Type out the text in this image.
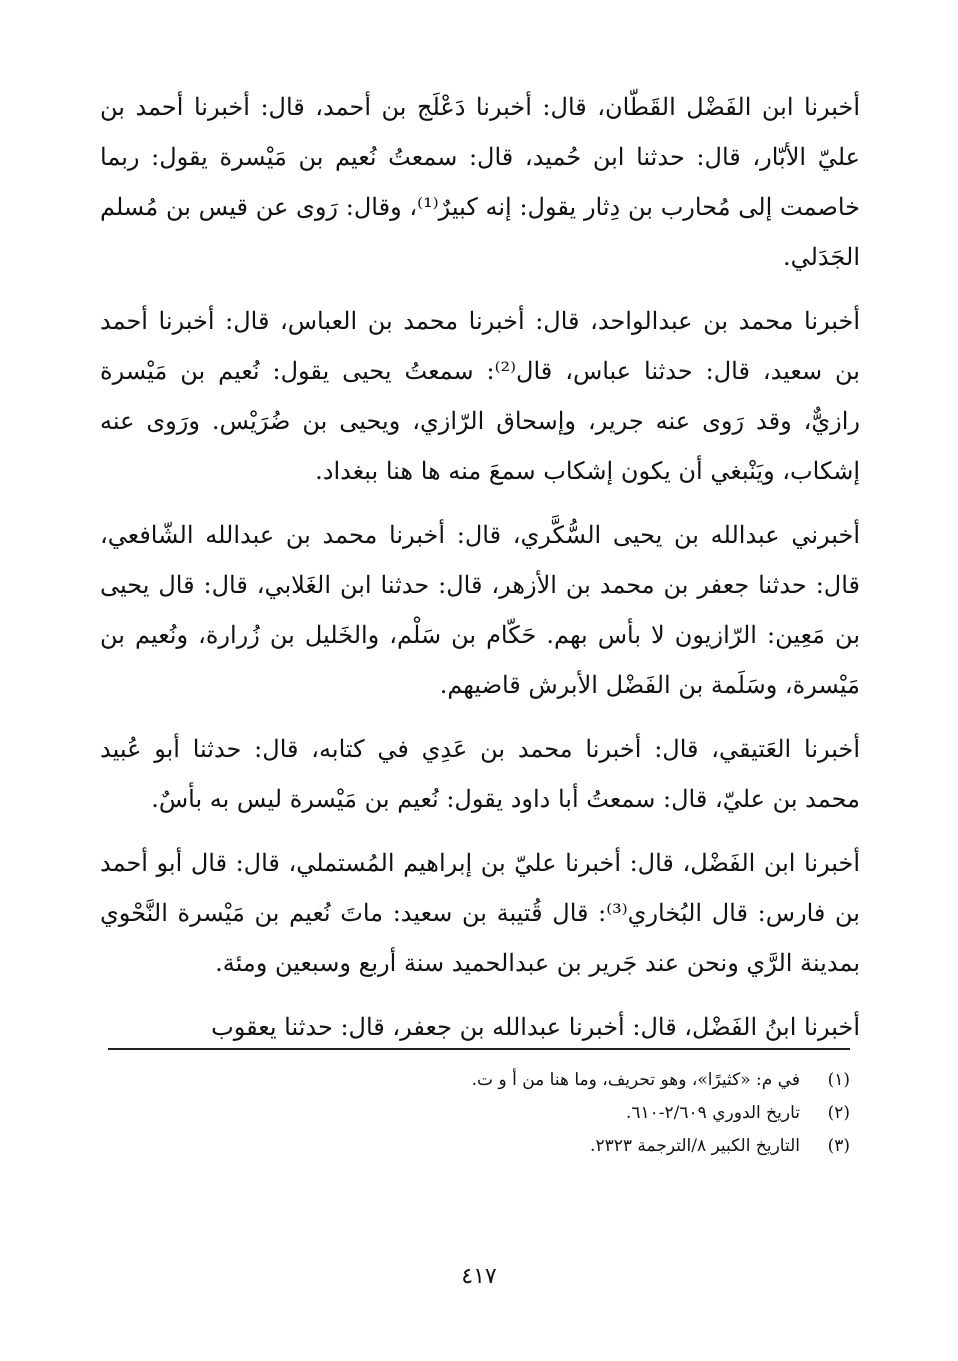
أخبرنا ابن الفَضْل القَطّان، قال: أخبرنا دَعْلَج بن أحمد، قال: أخبرنا أحمد بن عليّ الأبّار، قال: حدثنا ابن حُميد، قال: سمعتُ نُعيم بن مَيْسرة يقول: ربما خاصمت إلى مُحارب بن دِثار يقول: إنه كبيرٌ⁽¹⁾، وقال: رَوى عن قيس بن مُسلم الجَدَلي.

أخبرنا محمد بن عبدالواحد، قال: أخبرنا محمد بن العباس، قال: أخبرنا أحمد بن سعيد، قال: حدثنا عباس، قال⁽²⁾: سمعتُ يحيى يقول: نُعيم بن مَيْسرة رازيٌّ، وقد رَوى عنه جرير، وإسحاق الرّازي، ويحيى بن ضُرَيْس. ورَوى عنه إشكاب، ويَنْبغي أن يكون إشكاب سمعَ منه ها هنا ببغداد.

أخبرني عبدالله بن يحيى السُّكَّري، قال: أخبرنا محمد بن عبدالله الشّافعي، قال: حدثنا جعفر بن محمد بن الأزهر، قال: حدثنا ابن الغَلابي، قال: قال يحيى بن مَعِين: الرّازيون لا بأس بهم. حَكّام بن سَلْم، والخَليل بن زُرارة، ونُعيم بن مَيْسرة، وسَلَمة بن الفَضْل الأبرش قاضيهم.

أخبرنا العَتيقي، قال: أخبرنا محمد بن عَدِي في كتابه، قال: حدثنا أبو عُبيد محمد بن عليّ، قال: سمعتُ أبا داود يقول: نُعيم بن مَيْسرة ليس به بأسٌ.

أخبرنا ابن الفَضْل، قال: أخبرنا عليّ بن إبراهيم المُستملي، قال: قال أبو أحمد بن فارس: قال البُخاري⁽³⁾: قال قُتيبة بن سعيد: ماتَ نُعيم بن مَيْسرة النَّحْوي بمدينة الرَّي ونحن عند جَرير بن عبدالحميد سنة أربع وسبعين ومئة.

أخبرنا ابنُ الفَضْل، قال: أخبرنا عبدالله بن جعفر، قال: حدثنا يعقوب

(١)
في م: «كثيرًا»، وهو تحريف، وما هنا من أ و ت.
(٢)
تاريخ الدوري ٢/٦٠٩-٦١٠.
(٣)
التاريخ الكبير ٨/الترجمة ٢٣٢٣.
٤١٧
